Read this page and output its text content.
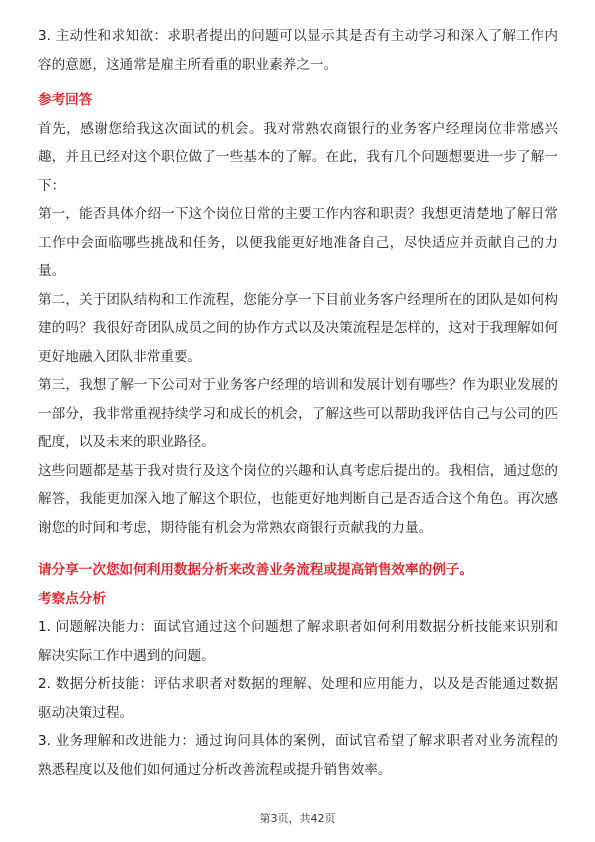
3. 主动性和求知欲：求职者提出的问题可以显示其是否有主动学习和深入了解工作内容的意愿，这通常是雇主所看重的职业素养之一。

参考回答

首先，感谢您给我这次面试的机会。我对常熟农商银行的业务客户经理岗位非常感兴趣，并且已经对这个职位做了一些基本的了解。在此，我有几个问题想要进一步了解一下：

第一，能否具体介绍一下这个岗位日常的主要工作内容和职责？我想更清楚地了解日常工作中会面临哪些挑战和任务，以便我能更好地准备自己，尽快适应并贡献自己的力量。

第二，关于团队结构和工作流程，您能分享一下目前业务客户经理所在的团队是如何构建的吗？我很好奇团队成员之间的协作方式以及决策流程是怎样的，这对于我理解如何更好地融入团队非常重要。

第三，我想了解一下公司对于业务客户经理的培训和发展计划有哪些？作为职业发展的一部分，我非常重视持续学习和成长的机会，了解这些可以帮助我评估自己与公司的匹配度，以及未来的职业路径。

这些问题都是基于我对贵行及这个岗位的兴趣和认真考虑后提出的。我相信，通过您的解答，我能更加深入地了解这个职位，也能更好地判断自己是否适合这个角色。再次感谢您的时间和考虑，期待能有机会为常熟农商银行贡献我的力量。

请分享一次您如何利用数据分析来改善业务流程或提高销售效率的例子。

考察点分析

1. 问题解决能力：面试官通过这个问题想了解求职者如何利用数据分析技能来识别和解决实际工作中遇到的问题。

2. 数据分析技能：评估求职者对数据的理解、处理和应用能力，以及是否能通过数据驱动决策过程。

3. 业务理解和改进能力：通过询问具体的案例，面试官希望了解求职者对业务流程的熟悉程度以及他们如何通过分析改善流程或提升销售效率。

第3页，共42页
